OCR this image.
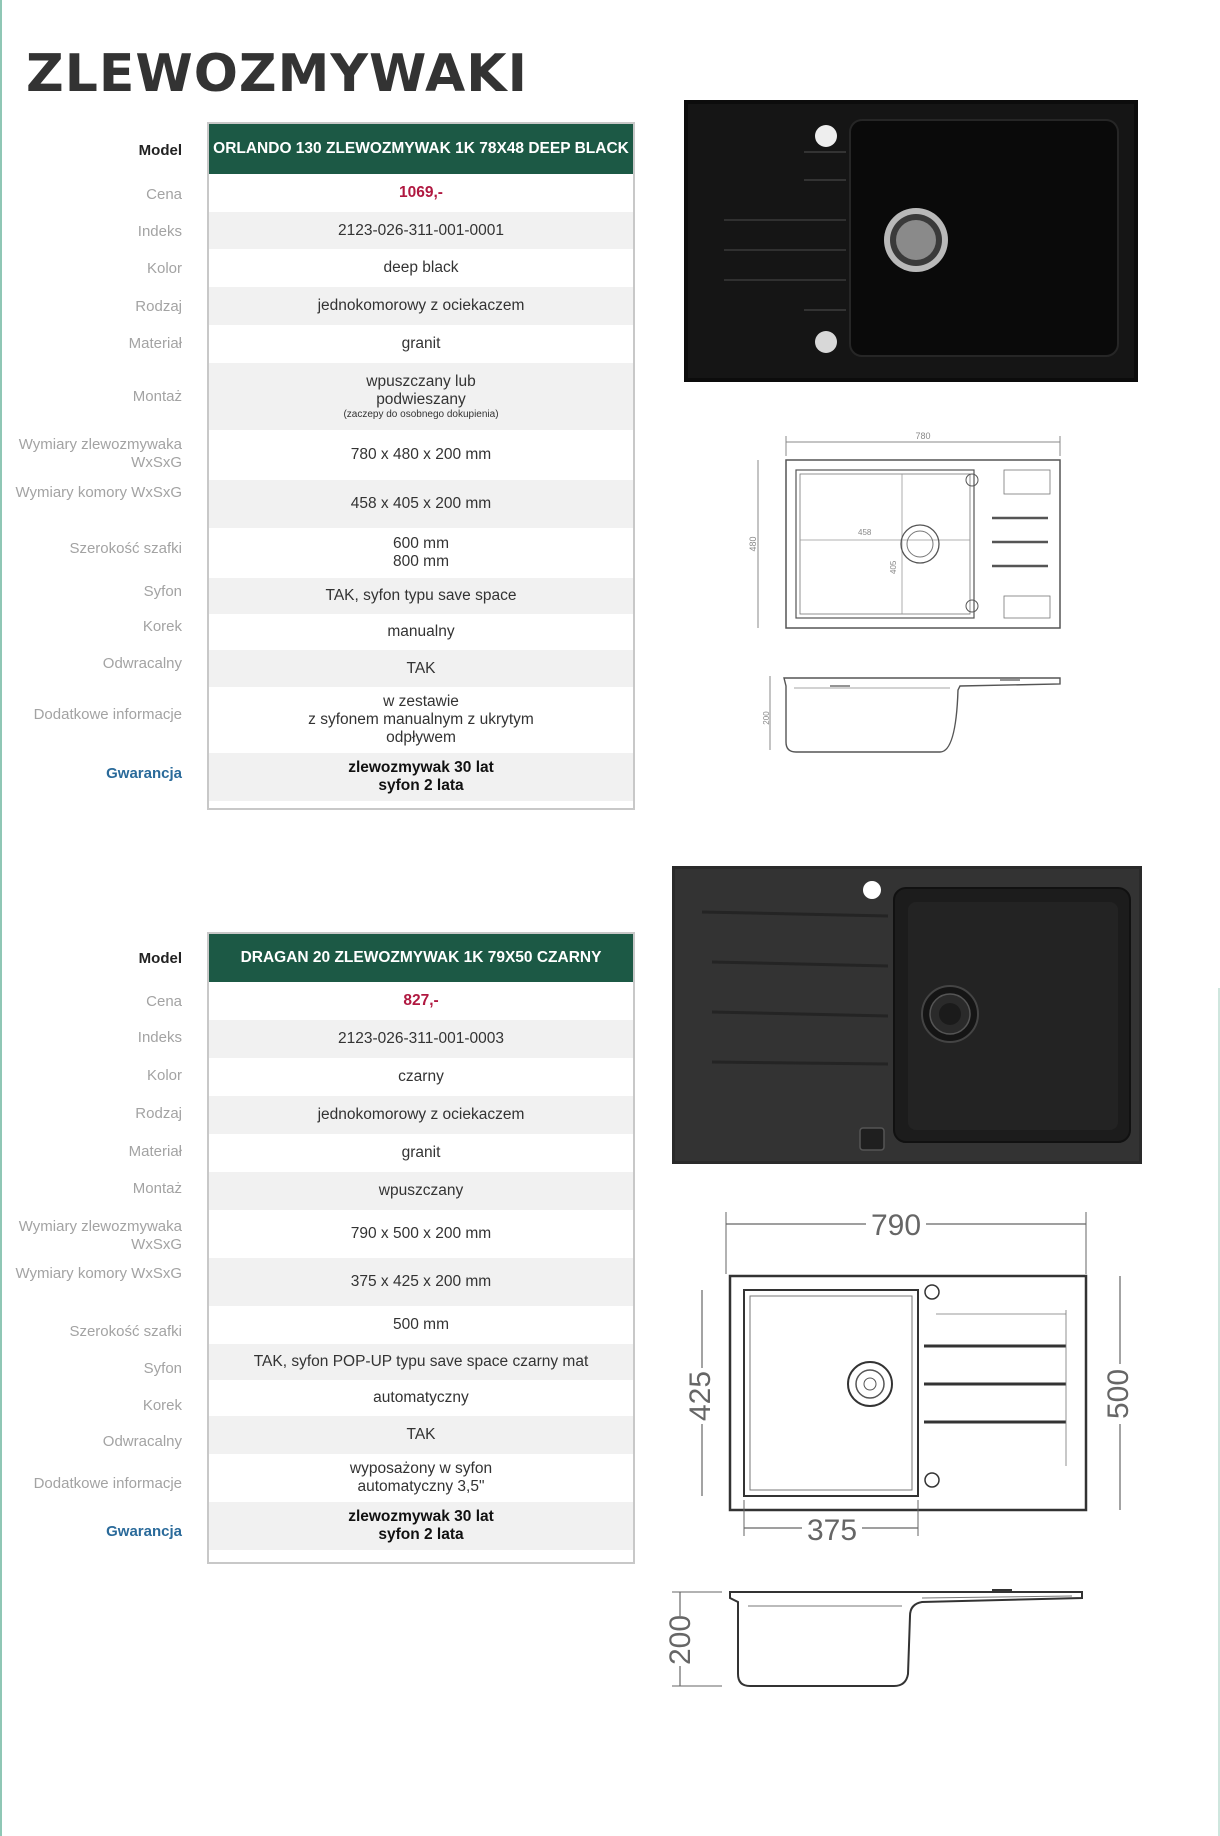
ZLEWOZMYWAKI
Model
Cena
Indeks
Kolor
Rodzaj
Materiał
Montaż
Wymiary zlewozmywaka WxSxG
Wymiary komory WxSxG
Szerokość szafki
Syfon
Korek
Odwracalny
Dodatkowe informacje
Gwarancja
ORLANDO 130 ZLEWOZMYWAK 1K 78X48 DEEP BLACK
1069,-
2123-026-311-001-0001
deep black
jednokomorowy z ociekaczem
granit
wpuszczany lub
podwieszany
(zaczepy do osobnego dokupienia)
780 x 480 x 200 mm
458 x 405 x 200 mm
600 mm
800 mm
TAK, syfon typu save space
manualny
TAK
w zestawie
z syfonem manualnym z ukrytym
odpływem
zlewozmywak 30 lat
syfon 2 lata
780
480
458
405
200
Model
Cena
Indeks
Kolor
Rodzaj
Materiał
Montaż
Wymiary zlewozmywaka WxSxG
Wymiary komory WxSxG
Szerokość szafki
Syfon
Korek
Odwracalny
Dodatkowe informacje
Gwarancja
DRAGAN 20 ZLEWOZMYWAK 1K 79X50 CZARNY
827,-
2123-026-311-001-0003
czarny
jednokomorowy z ociekaczem
granit
wpuszczany
790 x 500 x 200 mm
375 x 425 x 200 mm
500 mm
TAK, syfon POP-UP typu save space czarny mat
automatyczny
TAK
wyposażony w syfon
automatyczny 3,5"
zlewozmywak 30 lat
syfon 2 lata
790
425	500
375
200
